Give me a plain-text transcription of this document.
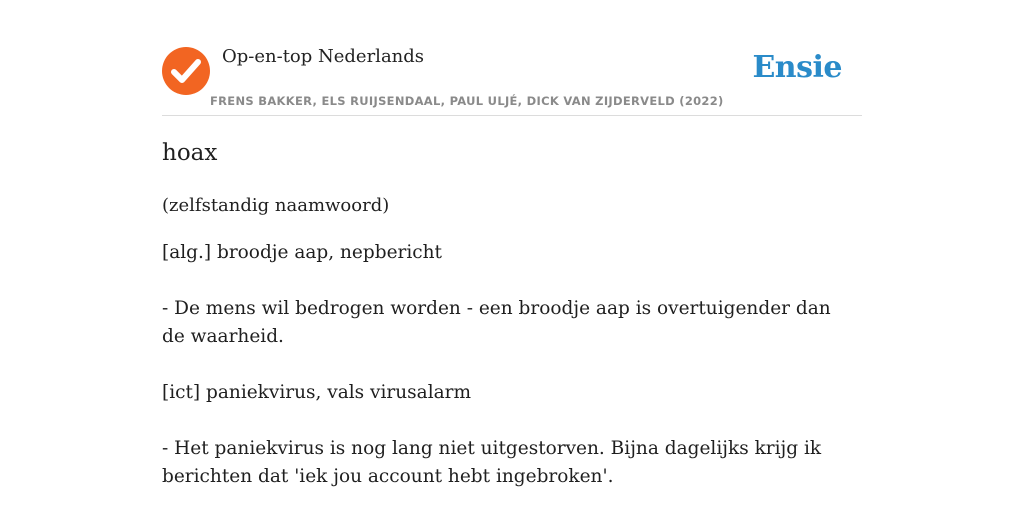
Op-en-top Nederlands
FRENS BAKKER, ELS RUIJSENDAAL, PAUL ULJÉ, DICK VAN ZIJDERVELD (2022)
Ensie
hoax
(zelfstandig naamwoord)
[alg.] broodje aap, nepbericht
- De mens wil bedrogen worden - een broodje aap is overtuigender dan de waarheid.
[ict] paniekvirus, vals virusalarm
- Het paniekvirus is nog lang niet uitgestorven. Bijna dagelijks krijg ik berichten dat 'iek jou account hebt ingebroken'.
